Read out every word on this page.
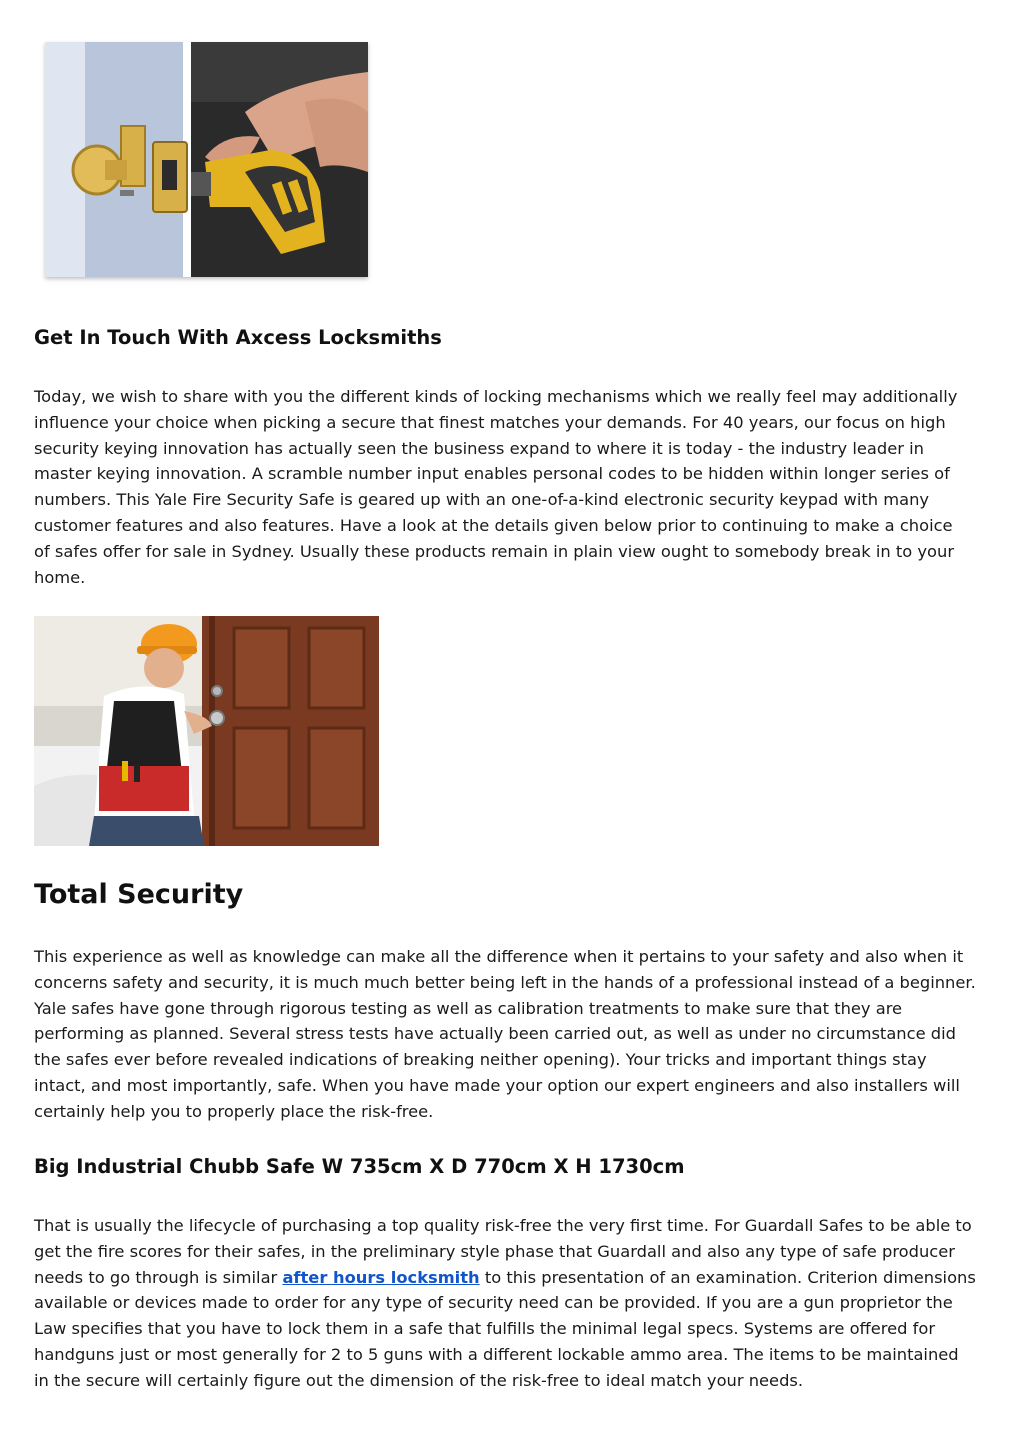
Get In Touch With Axcess Locksmiths

Today, we wish to share with you the different kinds of locking mechanisms which we really feel may additionally
influence your choice when picking a secure that finest matches your demands. For 40 years, our focus on high
security keying innovation has actually seen the business expand to where it is today - the industry leader in
master keying innovation. A scramble number input enables personal codes to be hidden within longer series of
numbers. This Yale Fire Security Safe is geared up with an one-of-a-kind electronic security keypad with many
customer features and also features. Have a look at the details given below prior to continuing to make a choice
of safes offer for sale in Sydney. Usually these products remain in plain view ought to somebody break in to your
home.

Total Security

This experience as well as knowledge can make all the difference when it pertains to your safety and also when it
concerns safety and security, it is much much better being left in the hands of a professional instead of a beginner.
Yale safes have gone through rigorous testing as well as calibration treatments to make sure that they are
performing as planned. Several stress tests have actually been carried out, as well as under no circumstance did
the safes ever before revealed indications of breaking neither opening). Your tricks and important things stay
intact, and most importantly, safe. When you have made your option our expert engineers and also installers will
certainly help you to properly place the risk-free.

Big Industrial Chubb Safe W 735cm X D 770cm X H 1730cm

That is usually the lifecycle of purchasing a top quality risk-free the very first time. For Guardall Safes to be able to
get the fire scores for their safes, in the preliminary style phase that Guardall and also any type of safe producer
needs to go through is similar after hours locksmith to this presentation of an examination. Criterion dimensions
available or devices made to order for any type of security need can be provided. If you are a gun proprietor the
Law specifies that you have to lock them in a safe that fulfills the minimal legal specs. Systems are offered for
handguns just or most generally for 2 to 5 guns with a different lockable ammo area. The items to be maintained
in the secure will certainly figure out the dimension of the risk-free to ideal match your needs.
